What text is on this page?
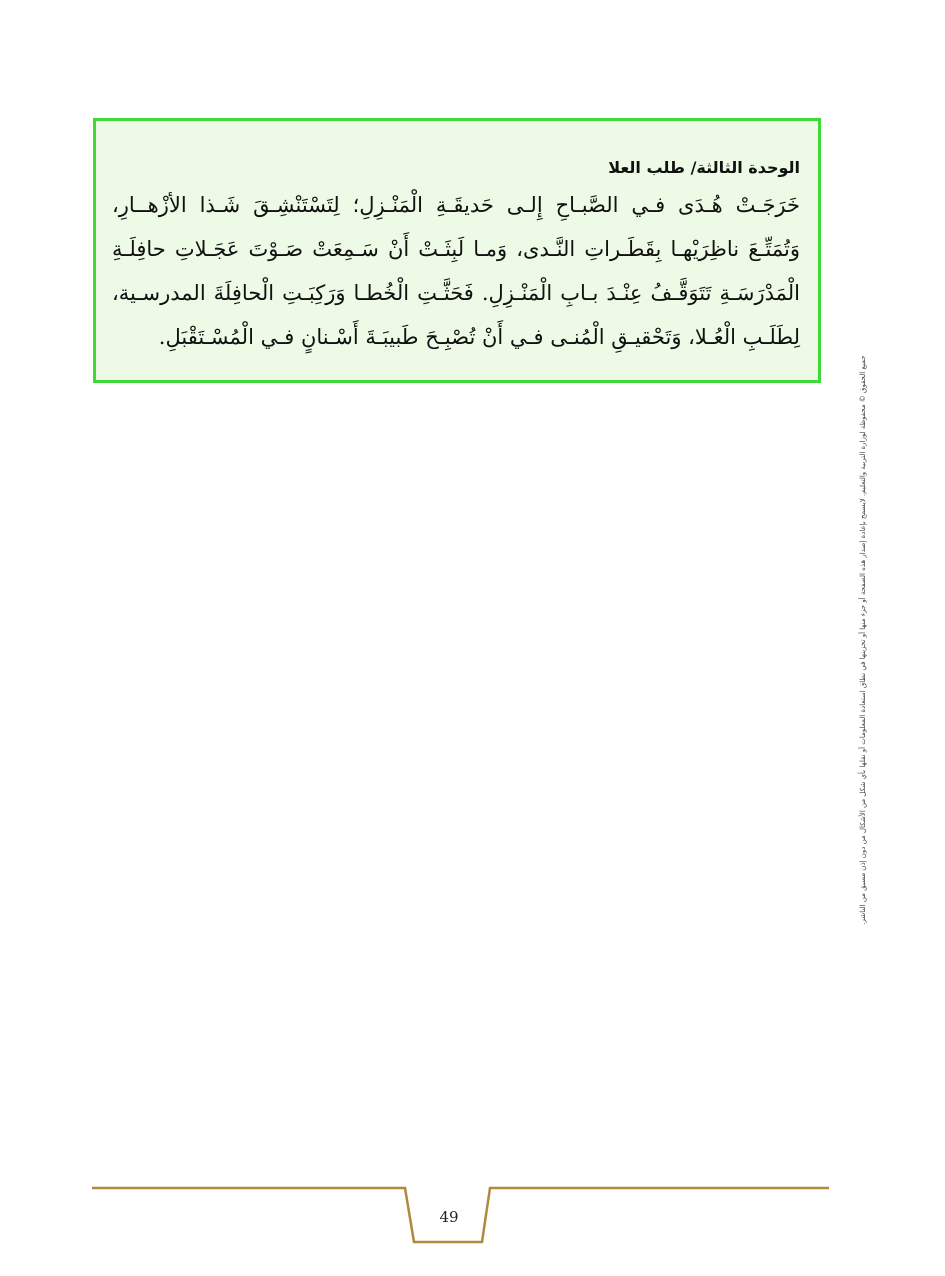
الوحدة الثالثة/ طلب العلا

خَرَجَـتْ هُـدَى فـي الصَّبـاحِ إِلـى حَديقَـةِ الْمَنْـزِلِ؛ لِتَسْتَنْشِـقَ شَـذا الأزْهــارِ، وَتُمَتِّـعَ ناظِرَيْهـا بِقَطَـراتِ النَّـدى، وَمـا لَبِثَـتْ أَنْ سَـمِعَتْ صَـوْتَ عَجَـلاتِ حافِلَـةِ الْمَدْرَسَـةِ تَتَوَقَّـفُ عِنْـدَ بـابِ الْمَنْـزِلِ. فَحَثَّـتِ الْخُطـا وَرَكِبَـتِ الْحافِلَةَ المدرسـية، لِطَلَـبِ الْعُـلا، وَتَحْقيـقِ الْمُنـى فـي أَنْ تُصْبِـحَ طَبيبَـةَ أَسْـنانٍ فـي الْمُسْـتَقْبَلِ.

جميع الحقوق © محفوظة لوزارة التربية والتعليم. لايسمح بإعادة إصدار هذه الصفحة أو جزء منها أو تخزينها في نطاق استعادة المعلومات أو نقلها بأي شكل من الأشكال من دون إذن مسبق من الناشر.
49
